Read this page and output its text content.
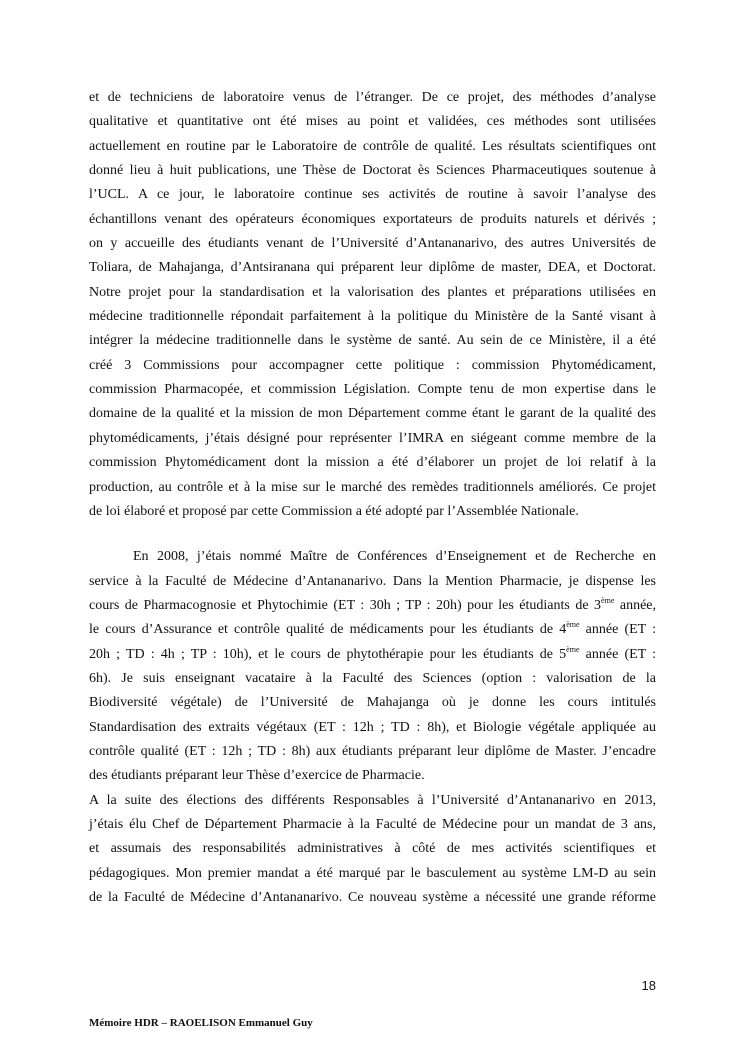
et de techniciens de laboratoire venus de l’étranger. De ce projet, des méthodes d’analyse
qualitative et quantitative ont été mises au point et validées, ces méthodes sont utilisées
actuellement en routine par le Laboratoire de contrôle de qualité. Les résultats scientifiques ont
donné lieu à huit publications, une Thèse de Doctorat ès Sciences Pharmaceutiques soutenue à
l’UCL. A ce jour, le laboratoire continue ses activités de routine à savoir l’analyse des
échantillons venant des opérateurs économiques exportateurs de produits naturels et dérivés ;
on y accueille des étudiants venant de l’Université d’Antananarivo, des autres Universités de
Toliara, de Mahajanga, d’Antsiranana qui préparent leur diplôme de master, DEA, et Doctorat.
Notre projet pour la standardisation et la valorisation des plantes et préparations utilisées en
médecine traditionnelle répondait parfaitement à la politique du Ministère de la Santé visant à
intégrer la médecine traditionnelle dans le système de santé. Au sein de ce Ministère, il a été
créé 3 Commissions pour accompagner cette politique : commission Phytomédicament,
commission Pharmacopée, et commission Législation. Compte tenu de mon expertise dans le
domaine de la qualité et la mission de mon Département comme étant le garant de la qualité des
phytomédicaments, j’étais désigné pour représenter l’IMRA en siégeant comme membre de la
commission Phytomédicament dont la mission a été d’élaborer un projet de loi relatif à la
production, au contrôle et à la mise sur le marché des remèdes traditionnels améliorés. Ce projet
de loi élaboré et proposé par cette Commission a été adopté par l’Assemblée Nationale.
En 2008, j’étais nommé Maître de Conférences d’Enseignement et de Recherche en
service à la Faculté de Médecine d’Antananarivo. Dans la Mention Pharmacie, je dispense les
cours de Pharmacognosie et Phytochimie (ET : 30h ; TP : 20h) pour les étudiants de 3ème année,
le cours d’Assurance et contrôle qualité de médicaments pour les étudiants de 4ème année (ET :
20h ; TD : 4h ; TP : 10h), et le cours de phytothérapie pour les étudiants de 5ème année (ET :
6h). Je suis enseignant vacataire à la Faculté des Sciences (option : valorisation de la
Biodiversité végétale) de l’Université de Mahajanga où je donne les cours intitulés
Standardisation des extraits végétaux (ET : 12h ; TD : 8h), et Biologie végétale appliquée au
contrôle qualité (ET : 12h ; TD : 8h) aux étudiants préparant leur diplôme de Master. J’encadre
des étudiants préparant leur Thèse d’exercice de Pharmacie.
A la suite des élections des différents Responsables à l’Université d’Antananarivo en 2013,
j’étais élu Chef de Département Pharmacie à la Faculté de Médecine pour un mandat de 3 ans,
et assumais des responsabilités administratives à côté de mes activités scientifiques et
pédagogiques. Mon premier mandat a été marqué par le basculement au système LM-D au sein
de la Faculté de Médecine d’Antananarivo. Ce nouveau système a nécessité une grande réforme
18
Mémoire HDR – RAOELISON Emmanuel Guy
